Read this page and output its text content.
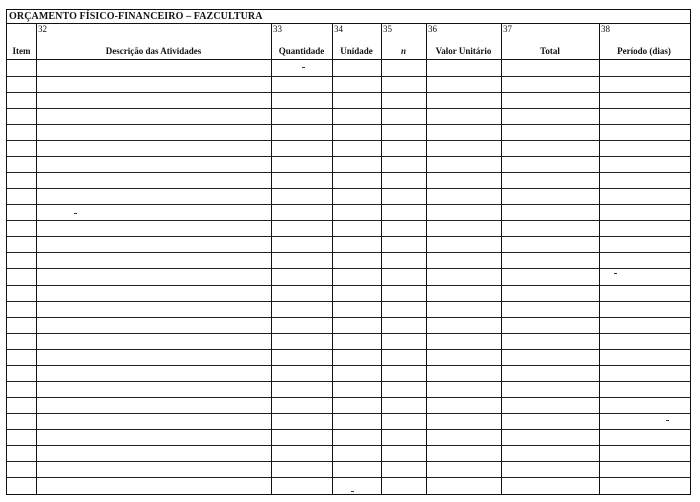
ORÇAMENTO FÍSICO-FINANCEIRO – FAZCULTURA
Item
32
Descrição das Atividades
33
Quantidade
34
Unidade
35
n
36
Valor Unitário
37
Total
38
Período (dias)
